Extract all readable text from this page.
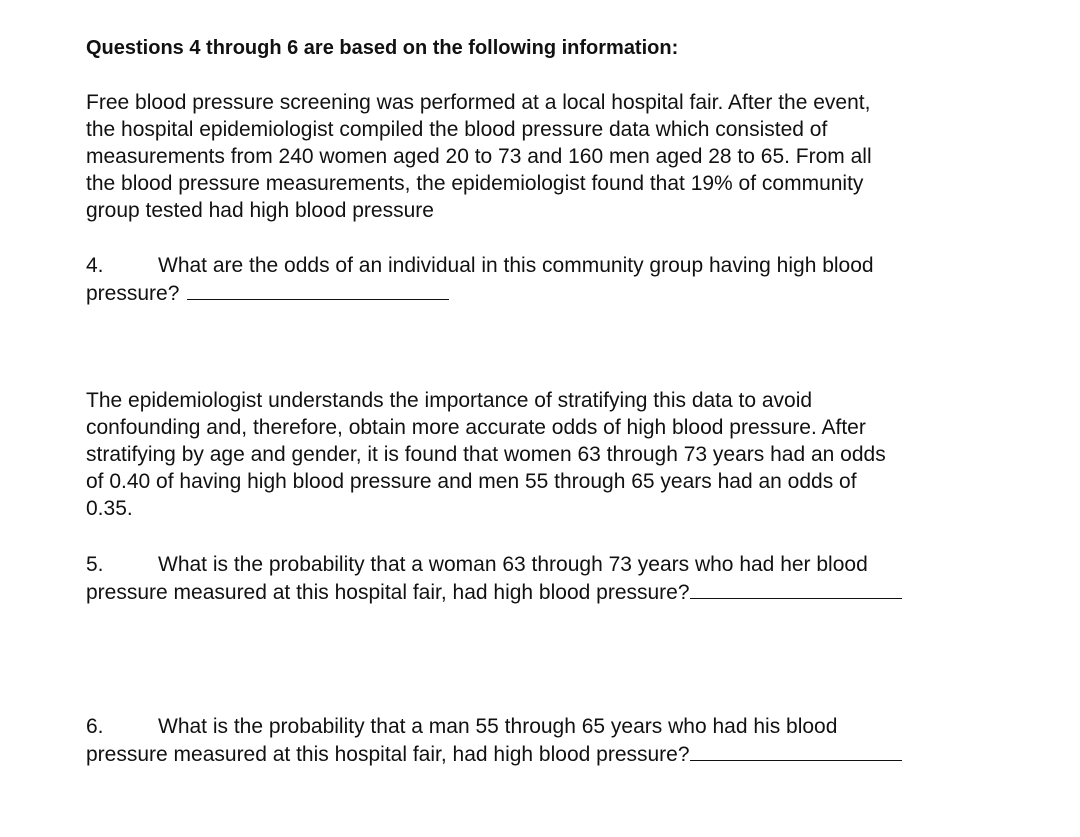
Questions 4 through 6 are based on the following information:
Free blood pressure screening was performed at a local hospital fair. After the event,
the hospital epidemiologist compiled the blood pressure data which consisted of
measurements from 240 women aged 20 to 73 and 160 men aged 28 to 65. From all
the blood pressure measurements, the epidemiologist found that 19% of community
group tested had high blood pressure
4.	What are the odds of an individual in this community group having high blood
pressure?
The epidemiologist understands the importance of stratifying this data to avoid
confounding and, therefore, obtain more accurate odds of high blood pressure. After
stratifying by age and gender, it is found that women 63 through 73 years had an odds
of 0.40 of having high blood pressure and men 55 through 65 years had an odds of
0.35.
5.	What is the probability that a woman 63 through 73 years who had her blood
pressure measured at this hospital fair, had high blood pressure?
6.	What is the probability that a man 55 through 65 years who had his blood
pressure measured at this hospital fair, had high blood pressure?
